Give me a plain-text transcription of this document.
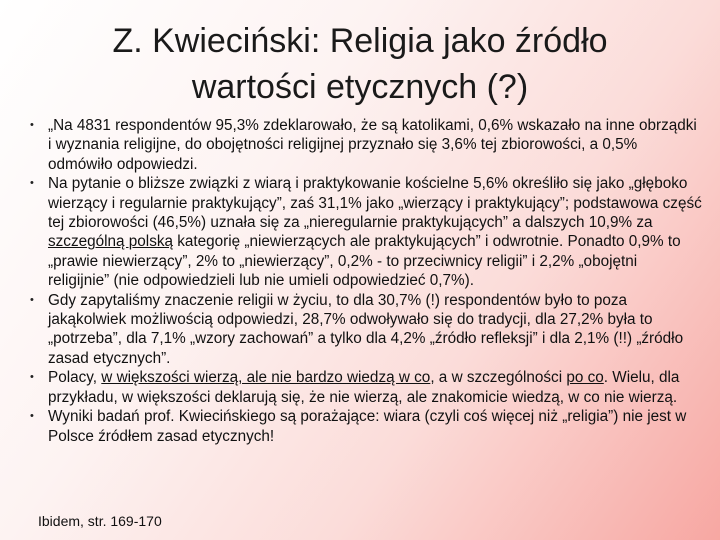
Z. Kwieciński: Religia jako źródło
wartości etycznych (?)
• „Na 4831 respondentów 95,3% zdeklarowało, że są katolikami, 0,6% wskazało na inne obrządki i wyznania religijne, do obojętności religijnej przyznało się 3,6% tej zbiorowości, a 0,5% odmówiło odpowiedzi.
• Na pytanie o bliższe związki z wiarą i praktykowanie kościelne 5,6% określiło się jako „głęboko wierzący i regularnie praktykujący”, zaś 31,1% jako „wierzący i praktykujący”; podstawowa część tej zbiorowości (46,5%) uznała się za „nieregularnie praktykujących” a dalszych 10,9% za szczególną polską kategorię „niewierzących ale praktykujących” i odwrotnie. Ponadto 0,9% to „prawie niewierzący”, 2% to „niewierzący”, 0,2% - to przeciwnicy religii” i 2,2% „obojętni religijnie” (nie odpowiedzieli lub nie umieli odpowiedzieć 0,7%).
• Gdy zapytaliśmy znaczenie religii w życiu, to dla 30,7% (!) respondentów było to poza jakąkolwiek możliwością odpowiedzi, 28,7% odwoływało się do tradycji, dla 27,2% była to „potrzeba”, dla 7,1% „wzory zachowań” a tylko dla 4,2% „źródło refleksji” i dla 2,1% (!!) „źródło zasad etycznych”.
• Polacy, w większości wierzą, ale nie bardzo wiedzą w co, a w szczególności po co. Wielu, dla przykładu, w większości deklarują się, że nie wierzą, ale znakomicie wiedzą, w co nie wierzą.
• Wyniki badań prof. Kwiecińskiego są porażające: wiara (czyli coś więcej niż „religia”) nie jest w Polsce źródłem zasad etycznych!
Ibidem, str. 169-170
